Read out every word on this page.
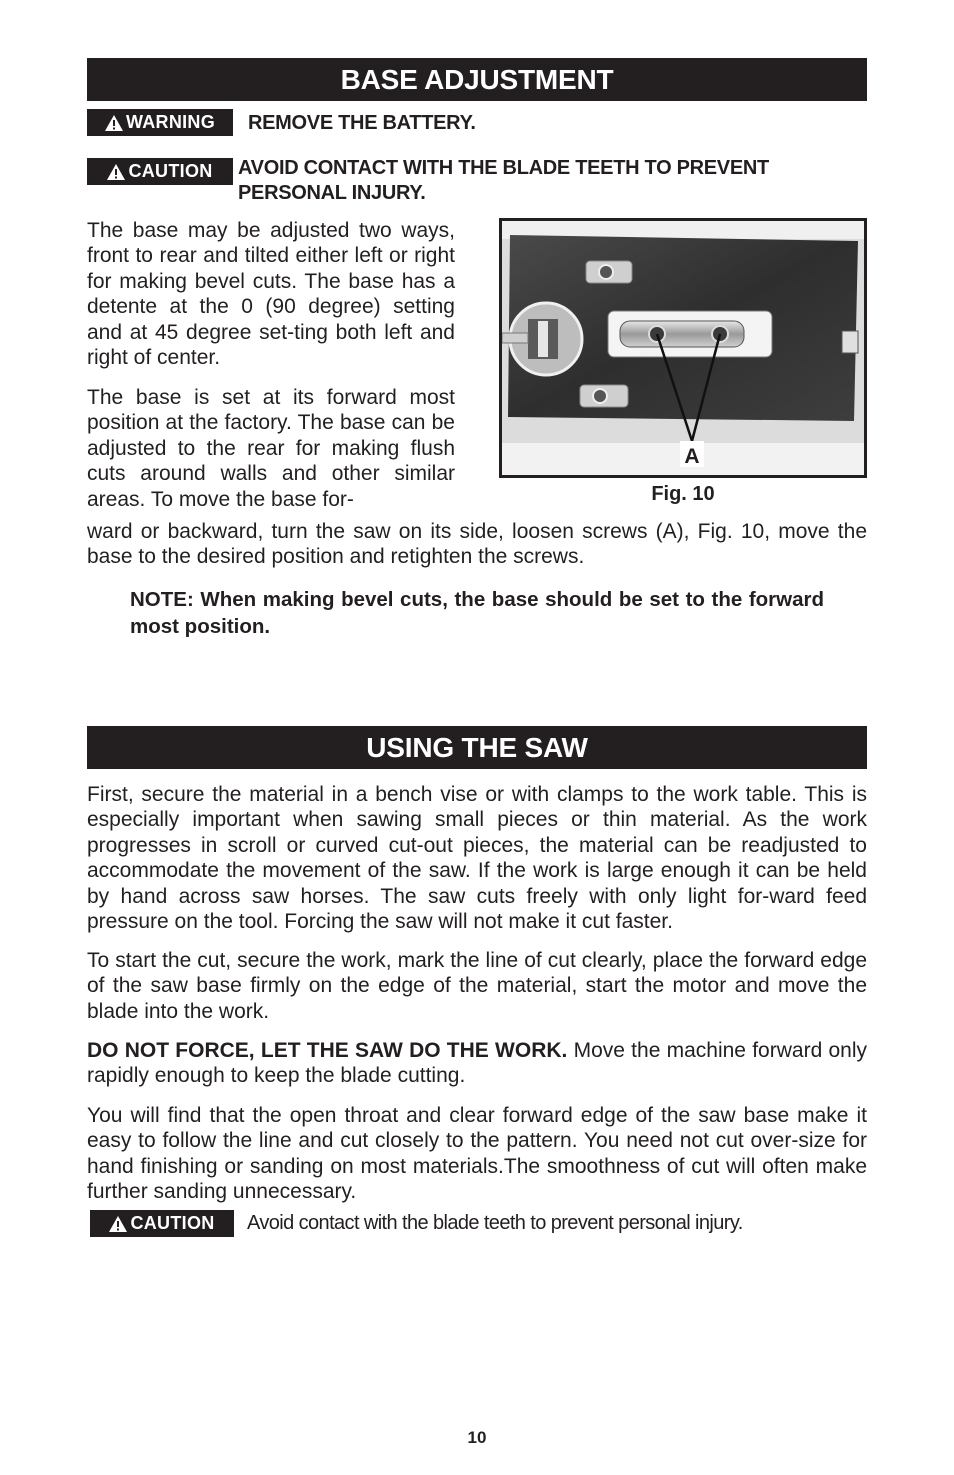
BASE ADJUSTMENT
WARNING REMOVE THE BATTERY.
CAUTION AVOID CONTACT WITH THE BLADE TEETH TO PREVENT
PERSONAL INJURY.
The base may be adjusted two ways, front to rear and tilted either left or right for making bevel cuts. The base has a detente at the 0 (90 degree) setting and at 45 degree set-ting both left and right of center.
The base is set at its forward most position at the factory. The base can be adjusted to the rear for making flush cuts around walls and other similar areas. To move the base for-
ward or backward, turn the saw on its side, loosen screws (A), Fig. 10, move the base to the desired position and retighten the screws.
A
Fig. 10
NOTE: When making bevel cuts, the base should be set to the forward most position.
USING THE SAW
First, secure the material in a bench vise or with clamps to the work table. This is especially important when sawing small pieces or thin material. As the work progresses in scroll or curved cut-out pieces, the material can be readjusted to accommodate the movement of the saw. If the work is large enough it can be held by hand across saw horses. The saw cuts freely with only light for-ward feed pressure on the tool. Forcing the saw will not make it cut faster.
To start the cut, secure the work, mark the line of cut clearly, place the forward edge of the saw base firmly on the edge of the material, start the motor and move the blade into the work.
DO NOT FORCE, LET THE SAW DO THE WORK. Move the machine forward only rapidly enough to keep the blade cutting.
You will find that the open throat and clear forward edge of the saw base make it easy to follow the line and cut closely to the pattern. You need not cut over-size for hand finishing or sanding on most materials.The smoothness of cut will often make further sanding unnecessary.
CAUTION Avoid contact with the blade teeth to prevent personal injury.
10
